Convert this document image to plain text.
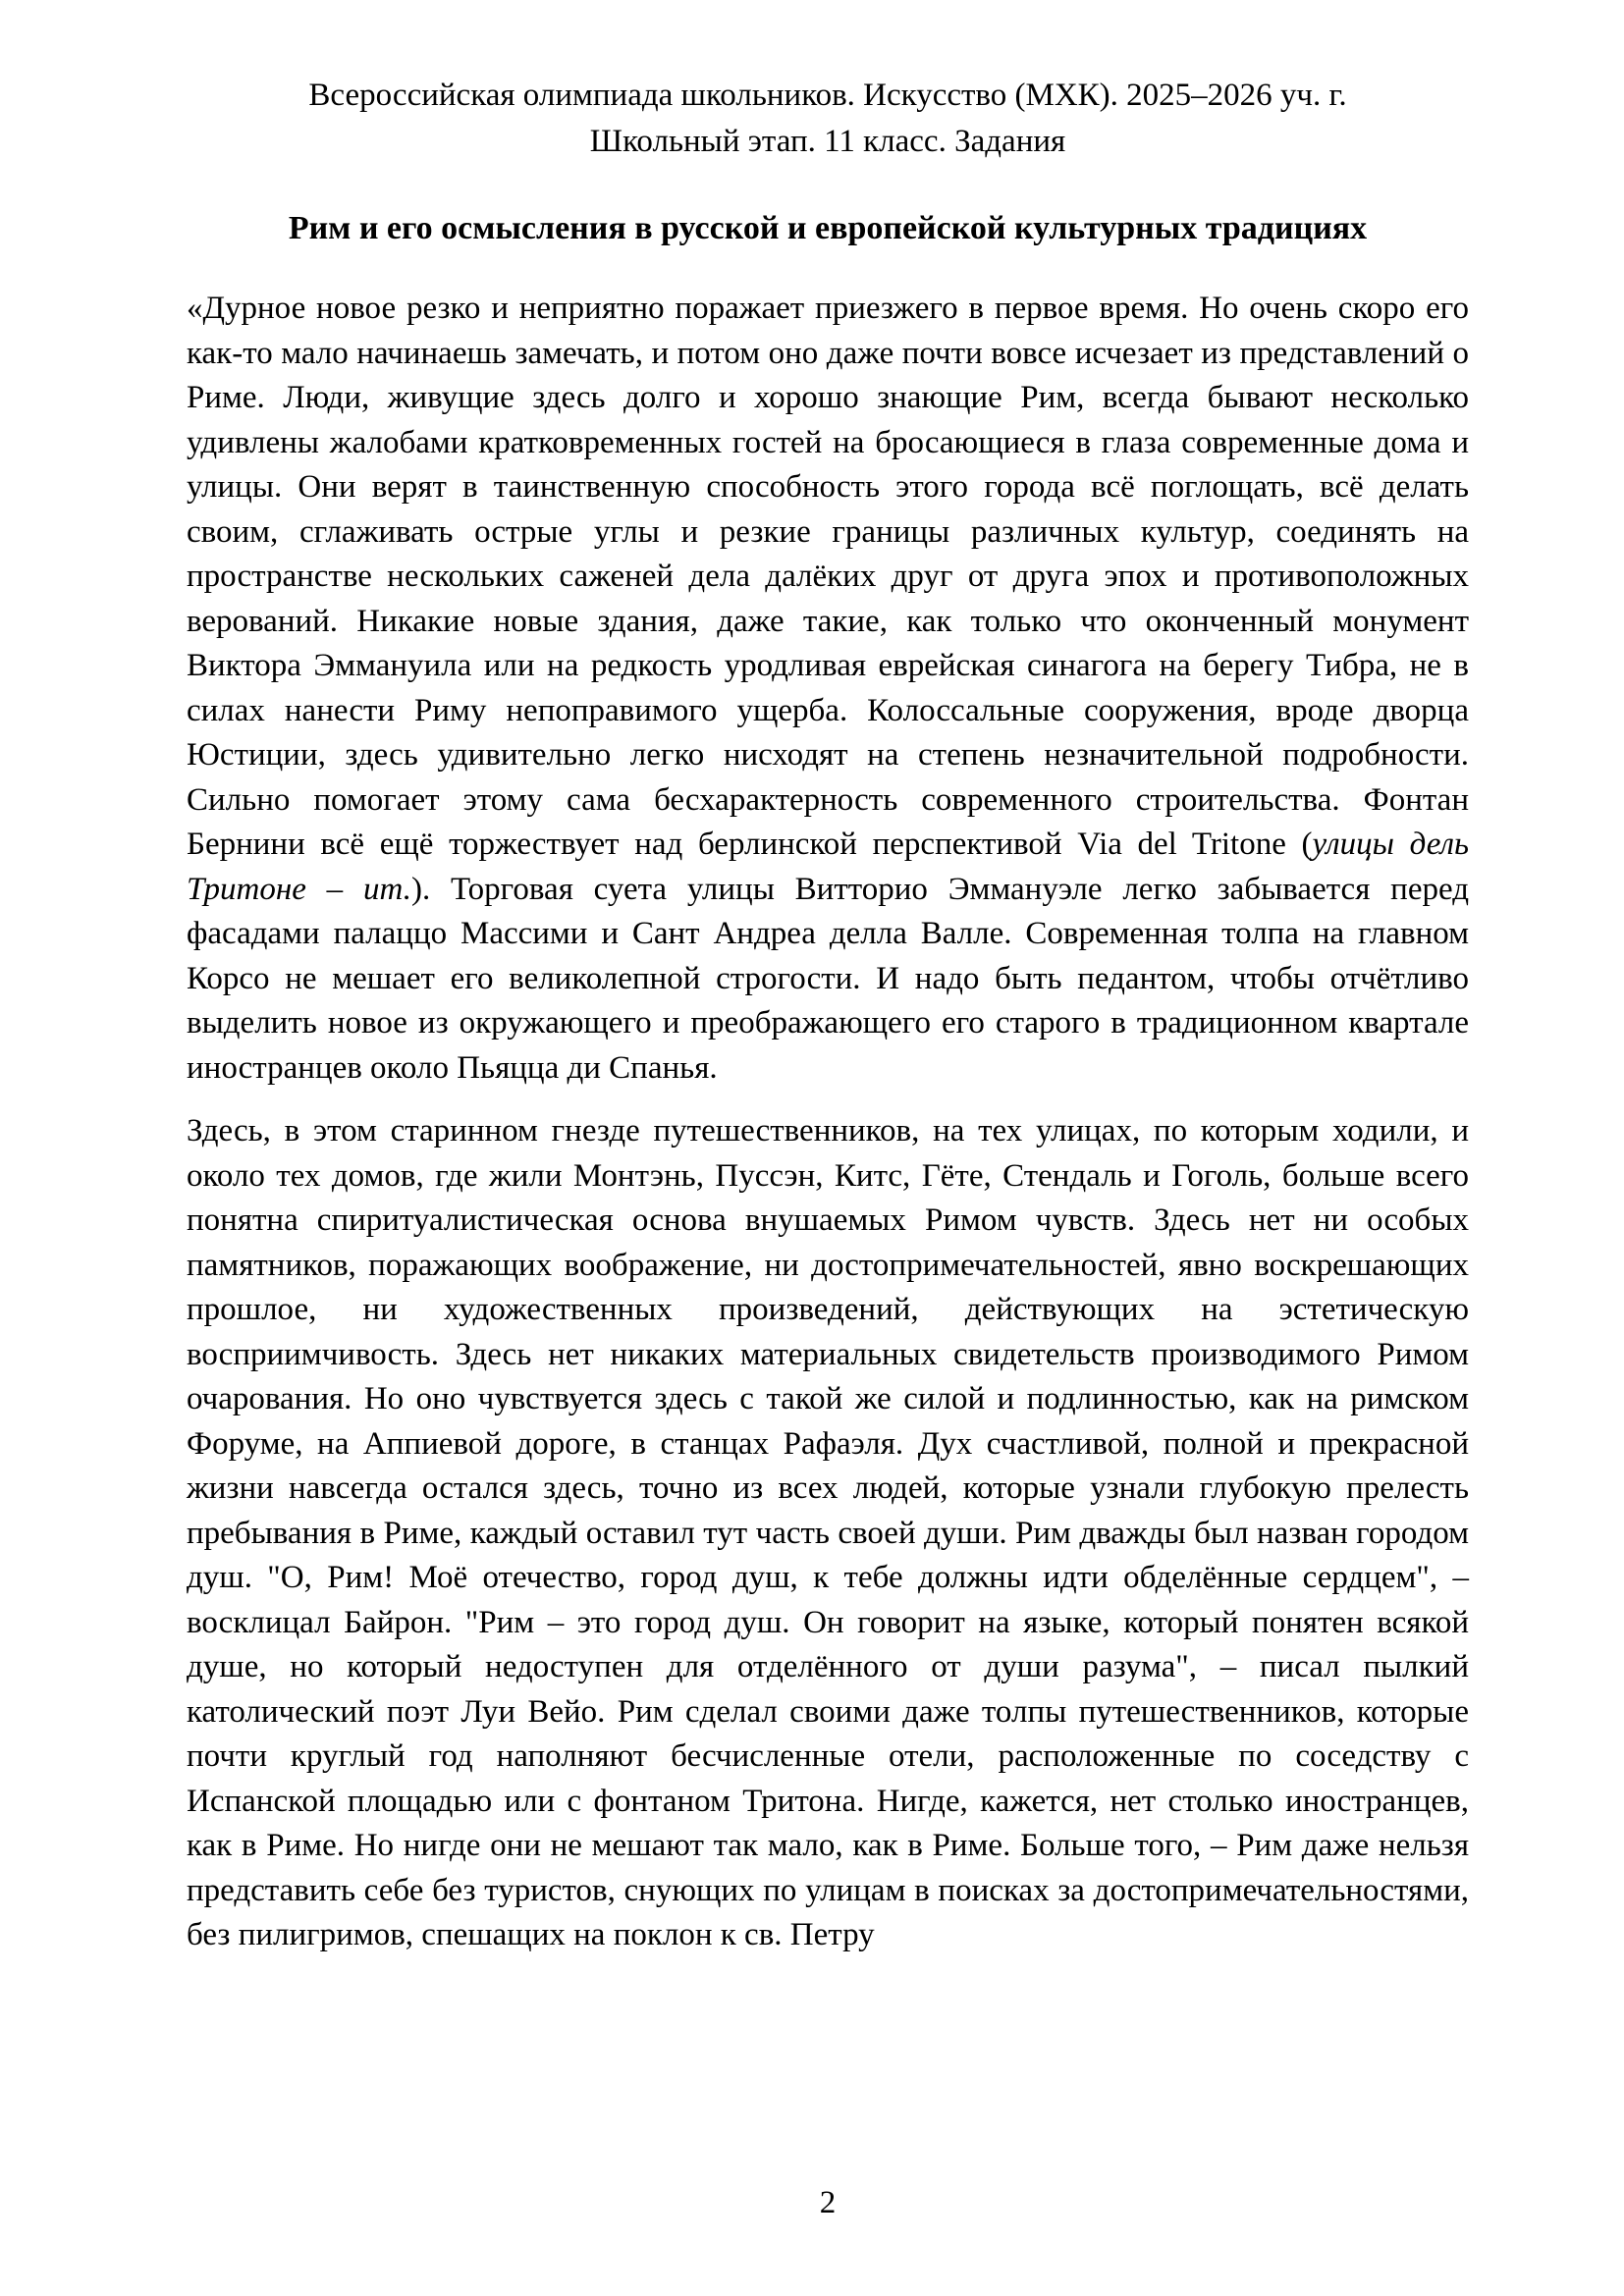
Всероссийская олимпиада школьников. Искусство (МХК). 2025–2026 уч. г.
Школьный этап. 11 класс. Задания
Рим и его осмысления в русской и европейской культурных традициях

«Дурное новое резко и неприятно поражает приезжего в первое время. Но очень скоро его как-то мало начинаешь замечать, и потом оно даже почти вовсе исчезает из представлений о Риме. Люди, живущие здесь долго и хорошо знающие Рим, всегда бывают несколько удивлены жалобами кратковременных гостей на бросающиеся в глаза современные дома и улицы. Они верят в таинственную способность этого города всё поглощать, всё делать своим, сглаживать острые углы и резкие границы различных культур, соединять на пространстве нескольких саженей дела далёких друг от друга эпох и противоположных верований. Никакие новые здания, даже такие, как только что оконченный монумент Виктора Эммануила или на редкость уродливая еврейская синагога на берегу Тибра, не в силах нанести Риму непоправимого ущерба. Колоссальные сооружения, вроде дворца Юстиции, здесь удивительно легко нисходят на степень незначительной подробности. Сильно помогает этому сама бесхарактерность современного строительства. Фонтан Бернини всё ещё торжествует над берлинской перспективой Via del Tritone (улицы дель Тритоне – ит.). Торговая суета улицы Витторио Эммануэле легко забывается перед фасадами палаццо Массими и Сант Андреа делла Валле. Современная толпа на главном Корсо не мешает его великолепной строгости. И надо быть педантом, чтобы отчётливо выделить новое из окружающего и преображающего его старого в традиционном квартале иностранцев около Пьяцца ди Спанья.

Здесь, в этом старинном гнезде путешественников, на тех улицах, по которым ходили, и около тех домов, где жили Монтэнь, Пуссэн, Китс, Гёте, Стендаль и Гоголь, больше всего понятна спиритуалистическая основа внушаемых Римом чувств. Здесь нет ни особых памятников, поражающих воображение, ни достопримечательностей, явно воскрешающих прошлое, ни художественных произведений, действующих на эстетическую восприимчивость. Здесь нет никаких материальных свидетельств производимого Римом очарования. Но оно чувствуется здесь с такой же силой и подлинностью, как на римском Форуме, на Аппиевой дороге, в станцах Рафаэля. Дух счастливой, полной и прекрасной жизни навсегда остался здесь, точно из всех людей, которые узнали глубокую прелесть пребывания в Риме, каждый оставил тут часть своей души. Рим дважды был назван городом душ. "О, Рим! Моё отечество, город душ, к тебе должны идти обделённые сердцем", – восклицал Байрон. "Рим – это город душ. Он говорит на языке, который понятен всякой душе, но который недоступен для отделённого от души разума", – писал пылкий католический поэт Луи Вейо. Рим сделал своими даже толпы путешественников, которые почти круглый год наполняют бесчисленные отели, расположенные по соседству с Испанской площадью или с фонтаном Тритона. Нигде, кажется, нет столько иностранцев, как в Риме. Но нигде они не мешают так мало, как в Риме. Больше того, – Рим даже нельзя представить себе без туристов, снующих по улицам в поисках за достопримечательностями, без пилигримов, спешащих на поклон к св. Петру

2
